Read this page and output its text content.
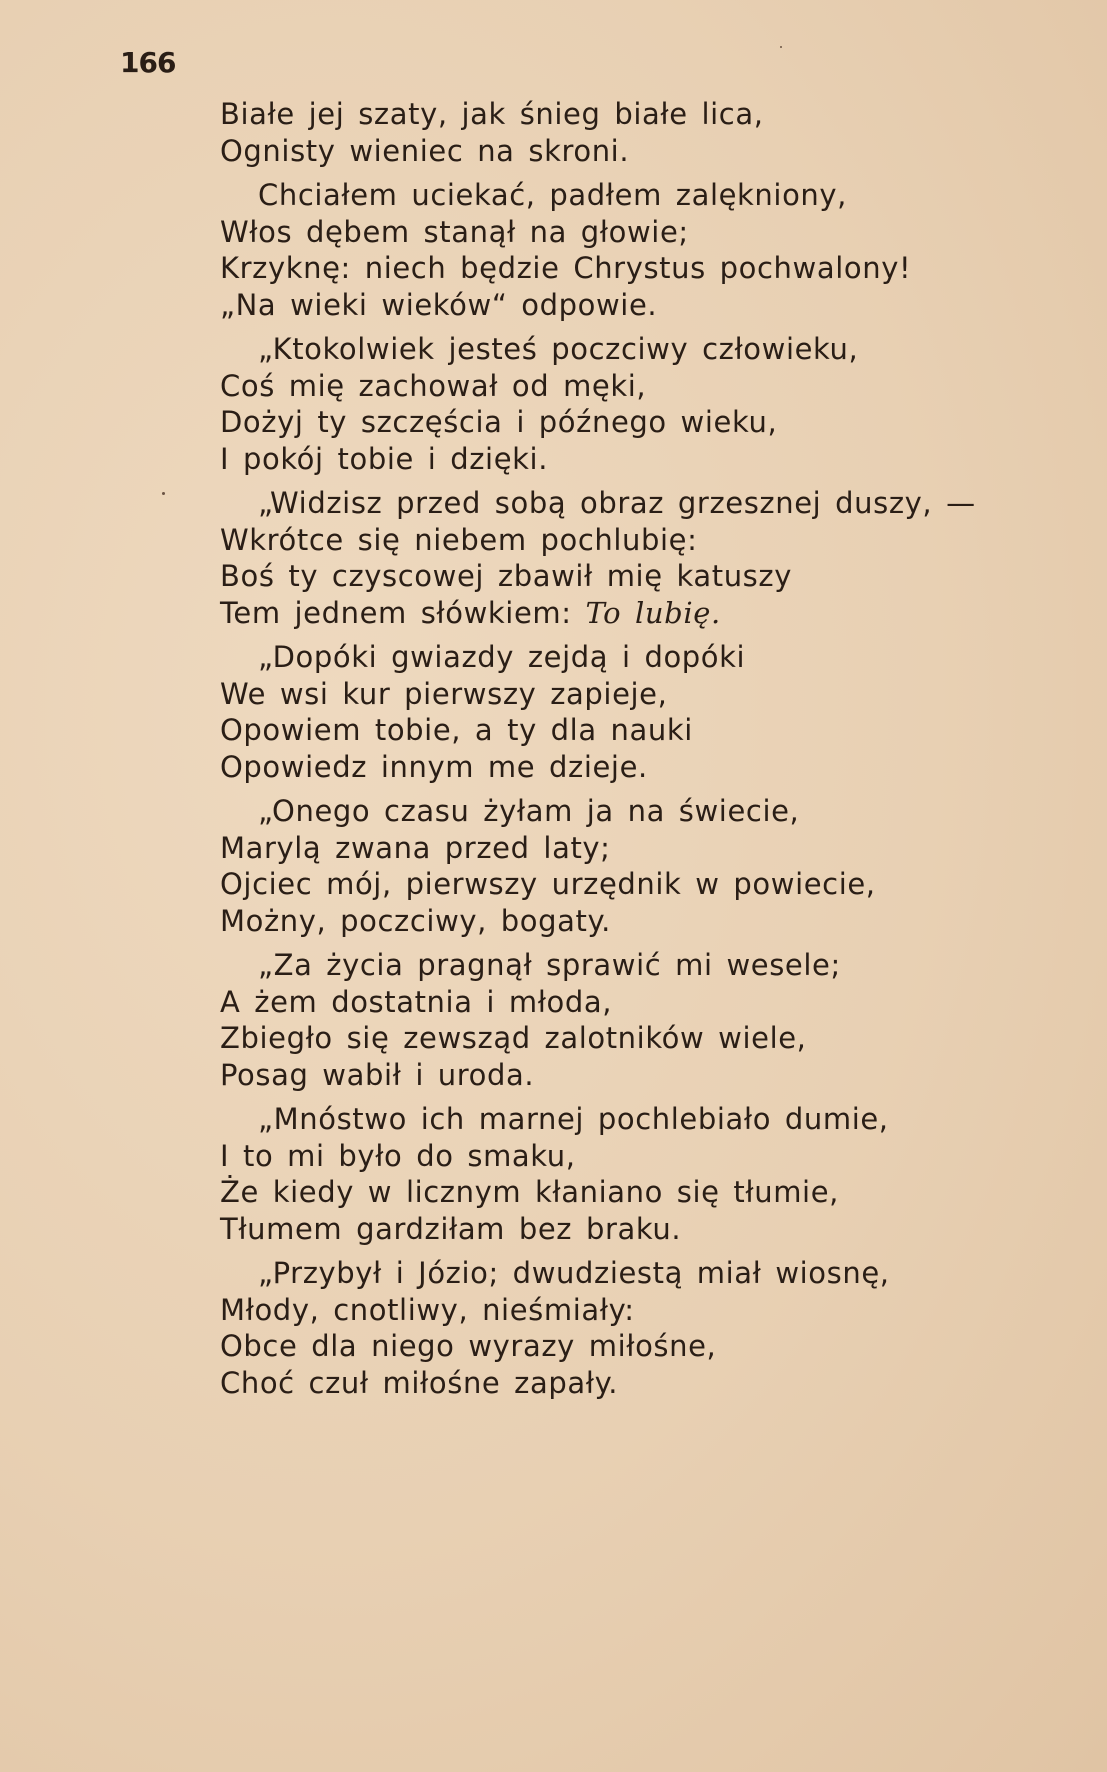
166
Białe jej szaty, jak śnieg białe lica,
Ognisty wieniec na skroni.
Chciałem uciekać, padłem zalękniony,
Włos dębem stanął na głowie;
Krzyknę: niech będzie Chrystus pochwalony!
„Na wieki wieków“ odpowie.
„Ktokolwiek jesteś poczciwy człowieku,
Coś mię zachował od męki,
Dożyj ty szczęścia i późnego wieku,
I pokój tobie i dzięki.
„Widzisz przed sobą obraz grzesznej duszy, —
Wkrótce się niebem pochlubię:
Boś ty czyscowej zbawił mię katuszy
Tem jednem słówkiem: To lubię.
„Dopóki gwiazdy zejdą i dopóki
We wsi kur pierwszy zapieje,
Opowiem tobie, a ty dla nauki
Opowiedz innym me dzieje.
„Onego czasu żyłam ja na świecie,
Marylą zwana przed laty;
Ojciec mój, pierwszy urzędnik w powiecie,
Możny, poczciwy, bogaty.
„Za życia pragnął sprawić mi wesele;
A żem dostatnia i młoda,
Zbiegło się zewsząd zalotników wiele,
Posag wabił i uroda.
„Mnóstwo ich marnej pochlebiało dumie,
I to mi było do smaku,
Że kiedy w licznym kłaniano się tłumie,
Tłumem gardziłam bez braku.
„Przybył i Józio; dwudziestą miał wiosnę,
Młody, cnotliwy, nieśmiały:
Obce dla niego wyrazy miłośne,
Choć czuł miłośne zapały.
